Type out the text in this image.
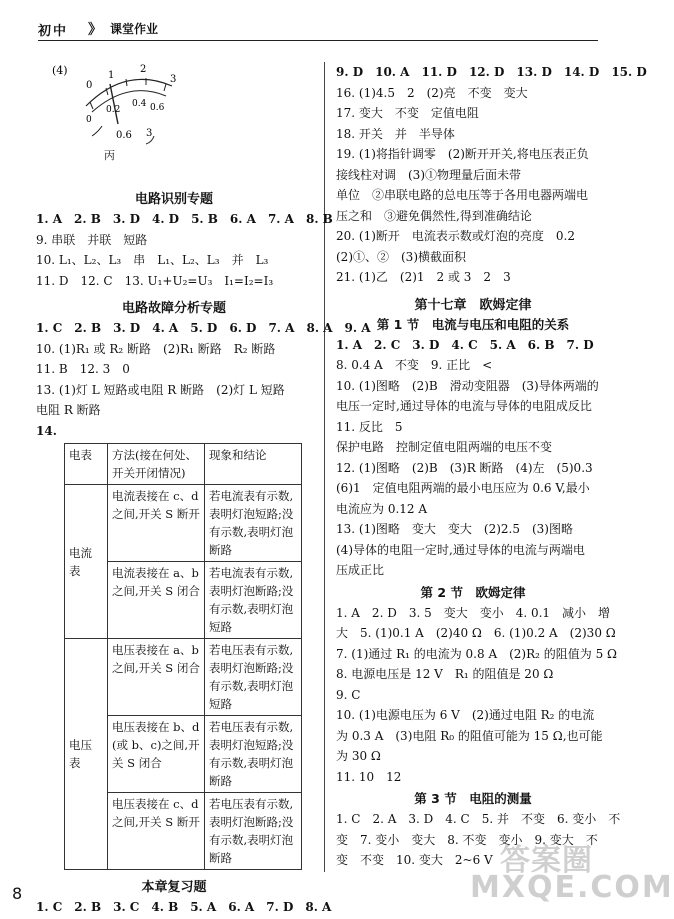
初中 》 课堂作业
(4)
0
1
2
3
0
0.2
0.4 0.6
0.6 3
丙
电路识别专题
1. A　2. B　3. D　4. D　5. B　6. A　7. A　8. B
9. 串联　并联　短路
10. L₁、L₂、L₃　串　L₁、L₂、L₃　并　L₃
11. D　12. C　13. U₁+U₂=U₃　I₁=I₂=I₃
电路故障分析专题
1. C　2. B　3. D　4. A　5. D　6. D　7. A　8. A　9. A
10. (1)R₁ 或 R₂ 断路　(2)R₁ 断路　R₂ 断路
11. B　12. 3　0
13. (1)灯 L 短路或电阻 R 断路　(2)灯 L 短路
电阻 R 断路
14.
电表	方法(接在何处、开关开闭情况)	现象和结论
电流表	电流表接在 c、d 之间,开关 S 断开	若电流表有示数,表明灯泡短路;没有示数,表明灯泡断路
	电流表接在 a、b 之间,开关 S 闭合	若电流表有示数,表明灯泡断路;没有示数,表明灯泡短路
电压表	电压表接在 a、b 之间,开关 S 闭合	若电压表有示数,表明灯泡断路;没有示数,表明灯泡短路
	电压表接在 b、d (或 b、c)之间,开关 S 闭合	若电压表有示数,表明灯泡短路;没有示数,表明灯泡断路
	电压表接在 c、d 之间,开关 S 断开	若电压表有示数,表明灯泡断路;没有示数,表明灯泡断路
本章复习题
1. C　2. B　3. C　4. B　5. A　6. A　7. D　8. A
9. D　10. A　11. D　12. D　13. D　14. D　15. D
16. (1)4.5　2　(2)亮　不变　变大
17. 变大　不变　定值电阻
18. 开关　并　半导体
19. (1)将指针调零　(2)断开开关,将电压表正负
接线柱对调　(3)①物理量后面未带
单位　②串联电路的总电压等于各用电器两端电
压之和　③避免偶然性,得到准确结论
20. (1)断开　电流表示数或灯泡的亮度　0.2
(2)①、②　(3)横截面积
21. (1)乙　(2)1　2 或 3　2　3
第十七章　欧姆定律
第 1 节　电流与电压和电阻的关系
1. A　2. C　3. D　4. C　5. A　6. B　7. D
8. 0.4 A　不变　9. 正比　<
10. (1)图略　(2)B　滑动变阻器　(3)导体两端的
电压一定时,通过导体的电流与导体的电阻成反比
11. 反比　5
保护电路　控制定值电阻两端的电压不变
12. (1)图略　(2)B　(3)R 断路　(4)左　(5)0.3
(6)1　定值电阻两端的最小电压应为 0.6 V,最小
电流应为 0.12 A
13. (1)图略　变大　变大　(2)2.5　(3)图略
(4)导体的电阻一定时,通过导体的电流与两端电
压成正比
第 2 节　欧姆定律
1. A　2. D　3. 5　变大　变小　4. 0.1　减小　增
大　5. (1)0.1 A　(2)40 Ω　6. (1)0.2 A　(2)30 Ω
7. (1)通过 R₁ 的电流为 0.8 A　(2)R₂ 的阻值为 5 Ω
8. 电源电压是 12 V　R₁ 的阻值是 20 Ω
9. C
10. (1)电源电压为 6 V　(2)通过电阻 R₂ 的电流
为 0.3 A　(3)电阻 R₀ 的阻值可能为 15 Ω,也可能
为 30 Ω
11. 10　12
第 3 节　电阻的测量
1. C　2. A　3. D　4. C　5. 并　不变　6. 变小　不
变　7. 变小　变大　8. 不变　变小　9. 变大　不
变　不变　10. 变大　2~6 V 答案圈
MXQE.COM
8
